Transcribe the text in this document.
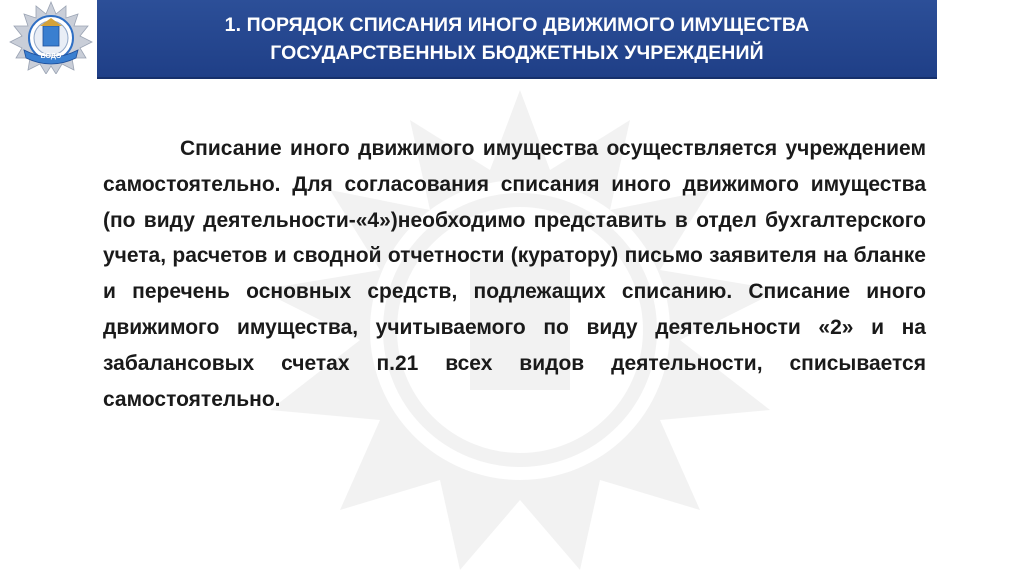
1. ПОРЯДОК СПИСАНИЯ ИНОГО ДВИЖИМОГО ИМУЩЕСТВА
ГОСУДАРСТВЕННЫХ БЮДЖЕТНЫХ УЧРЕЖДЕНИЙ
ВОДО

Списание иного движимого имущества осуществляется учреждением самостоятельно. Для согласования списания иного движимого имущества (по виду деятельности-«4»)необходимо представить в отдел бухгалтерского учета, расчетов и сводной отчетности (куратору) письмо заявителя на бланке и перечень основных средств, подлежащих списанию. Списание иного движимого имущества, учитываемого по виду деятельности «2» и на забалансовых счетах п.21 всех видов деятельности, списывается самостоятельно.
